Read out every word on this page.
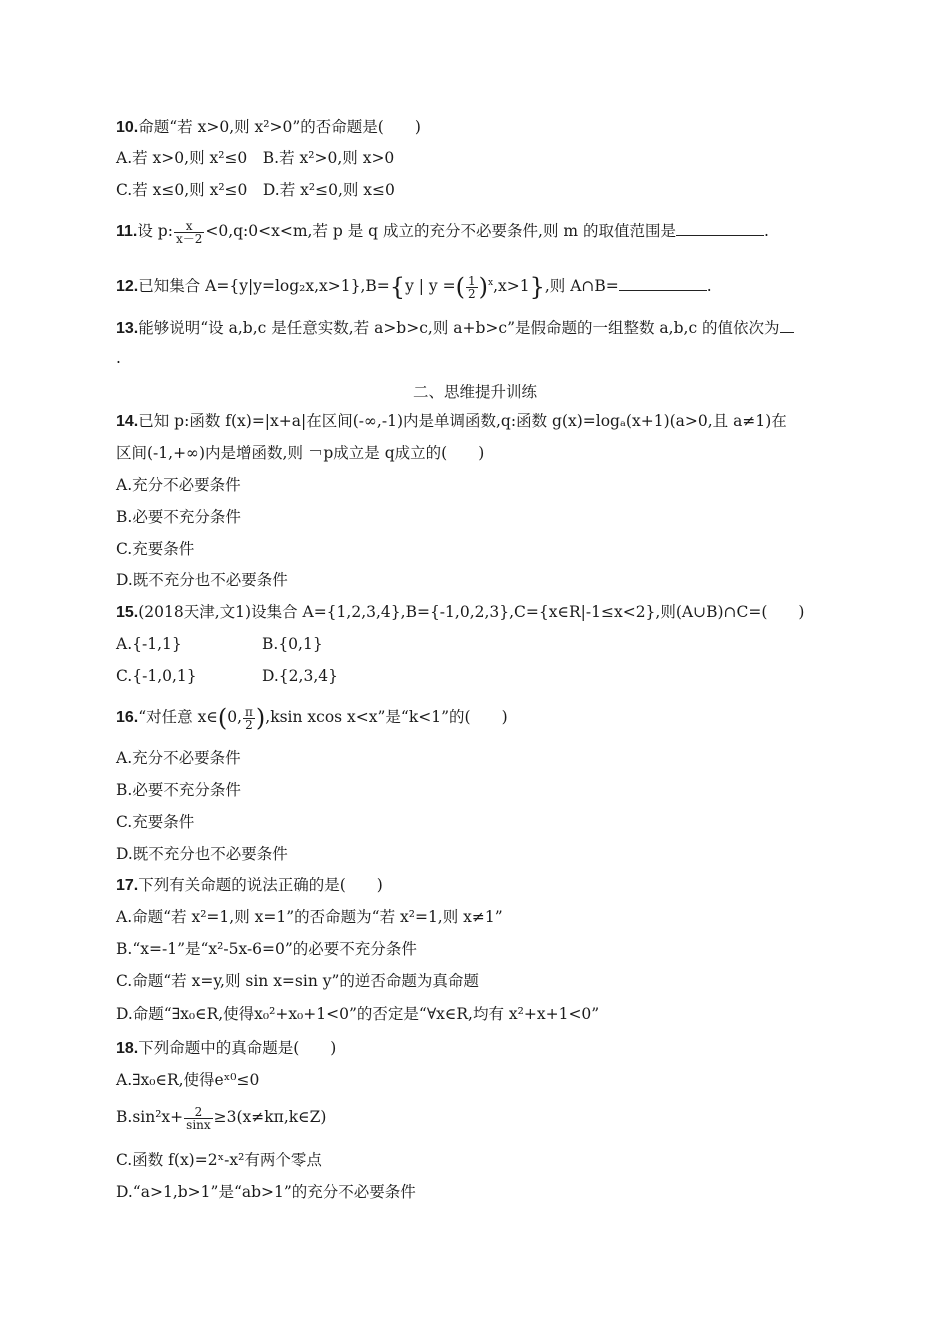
10.命题“若 x>0,则 x²>0”的否命题是(　　)
A.若 x>0,则 x²≤0　B.若 x²>0,则 x>0
C.若 x≤0,则 x²≤0　D.若 x²≤0,则 x≤0
11.设 p: $\frac{x}{x-2}$ <0,q:0<x<m,若 p 是 q 成立的充分不必要条件,则 m 的取值范围是	.
12.已知集合 A={y|y=log₂x,x>1},B={y | y =( $\frac{1}{2} )^x,x>1$},则 A∩B=	.
13.能够说明“设 a,b,c 是任意实数,若 a>b>c,则 a+b>c”是假命题的一组整数 a,b,c 的值依次为
.
二、思维提升训练
14.已知 p:函数 f(x)=|x+a|在区间(-∞,-1)内是单调函数,q:函数 g(x)=logₐ(x+1)(a>0,且 a≠1)在
区间(-1,+∞)内是增函数,则 ￢p成立是 q成立的(　　)
A.充分不必要条件
B.必要不充分条件
C.充要条件
D.既不充分也不必要条件
15.(2018天津,文1)设集合 A={1,2,3,4},B={-1,0,2,3},C={x∈R|-1≤x<2},则(A∪B)∩C=(　　)
A.{-1,1}	B.{0,1}
C.{-1,0,1}	D.{2,3,4}
16.“对任意 x∈(0, $\frac{\pi}{2} ),ksin$ xcos x<x”是“k<1”的(　　)
A.充分不必要条件
B.必要不充分条件
C.充要条件
D.既不充分也不必要条件
17.下列有关命题的说法正确的是(　　)
A.命题“若 x²=1,则 x=1”的否命题为“若 x²=1,则 x≠1”
B.“x=-1”是“x²-5x-6=0”的必要不充分条件
C.命题“若 x=y,则 sin x=sin y”的逆否命题为真命题
D.命题“∃x₀∈R,使得x₀²+x₀+1<0”的否定是“∀x∈R,均有 x²+x+1<0”
18.下列命题中的真命题是(　　)
A.∃x₀∈R,使得eˣ⁰≤0
$B.\sin^2x+ \frac{2}{\sin x}$ ≥3(x≠kπ,k∈Z)
C.函数 f(x)=2ˣ-x²有两个零点
D.“a>1,b>1”是“ab>1”的充分不必要条件
